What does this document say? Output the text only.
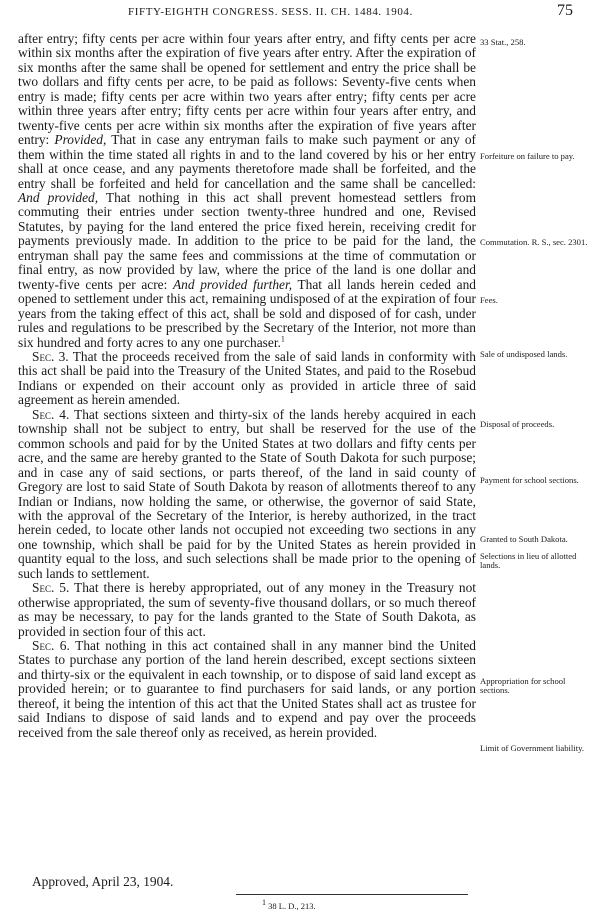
FIFTY-EIGHTH CONGRESS. SESS. II. CH. 1484. 1904.	75

after entry; fifty cents per acre within four years after entry, and fifty cents per acre within six months after the expiration of five years after entry. After the expiration of six months after the same shall be opened for settlement and entry the price shall be two dollars and fifty cents per acre, to be paid as follows: Seventy-five cents when entry is made; fifty cents per acre within two years after entry; fifty cents per acre within three years after entry; fifty cents per acre within four years after entry, and twenty-five cents per acre within six months after the expiration of five years after entry: Provided, That in case any entryman fails to make such payment or any of them within the time stated all rights in and to the land covered by his or her entry shall at once cease, and any payments theretofore made shall be forfeited, and the entry shall be forfeited and held for cancellation and the same shall be cancelled: And provided, That nothing in this act shall prevent homestead settlers from commuting their entries under section twenty-three hundred and one, Revised Statutes, by paying for the land entered the price fixed herein, receiving credit for payments previously made. In addition to the price to be paid for the land, the entryman shall pay the same fees and commissions at the time of commutation or final entry, as now provided by law, where the price of the land is one dollar and twenty-five cents per acre: And provided further, That all lands herein ceded and opened to settlement under this act, remaining undisposed of at the expiration of four years from the taking effect of this act, shall be sold and disposed of for cash, under rules and regulations to be prescribed by the Secretary of the Interior, not more than six hundred and forty acres to any one purchaser.$^1$

Sec. 3. That the proceeds received from the sale of said lands in conformity with this act shall be paid into the Treasury of the United States, and paid to the Rosebud Indians or expended on their account only as provided in article three of said agreement as herein amended.

Sec. 4. That sections sixteen and thirty-six of the lands hereby acquired in each township shall not be subject to entry, but shall be reserved for the use of the common schools and paid for by the United States at two dollars and fifty cents per acre, and the same are hereby granted to the State of South Dakota for such purpose; and in case any of said sections, or parts thereof, of the land in said county of Gregory are lost to said State of South Dakota by reason of allotments thereof to any Indian or Indians, now holding the same, or otherwise, the governor of said State, with the approval of the Secretary of the Interior, is hereby authorized, in the tract herein ceded, to locate other lands not occupied not exceeding two sections in any one township, which shall be paid for by the United States as herein provided in quantity equal to the loss, and such selections shall be made prior to the opening of such lands to settlement.

Sec. 5. That there is hereby appropriated, out of any money in the Treasury not otherwise appropriated, the sum of seventy-five thousand dollars, or so much thereof as may be necessary, to pay for the lands granted to the State of South Dakota, as provided in section four of this act.

Sec. 6. That nothing in this act contained shall in any manner bind the United States to purchase any portion of the land herein described, except sections sixteen and thirty-six or the equivalent in each township, or to dispose of said land except as provided herein; or to guarantee to find purchasers for said lands, or any portion thereof, it being the intention of this act that the United States shall act as trustee for said Indians to dispose of said lands and to expend and pay over the proceeds received from the sale thereof only as received, as herein provided.

33 Stat., 258.
Forfeiture on failure to pay.
Commutation. R. S., sec. 2301.
Fees.
Sale of undisposed lands.
Disposal of proceeds.
Payment for school sections.
Granted to South Dakota.
Selections in lieu of allotted lands.
Appropriation for school sections.
Limit of Government liability.
Approved, April 23, 1904.
$^1$ 38 L. D., 213.
